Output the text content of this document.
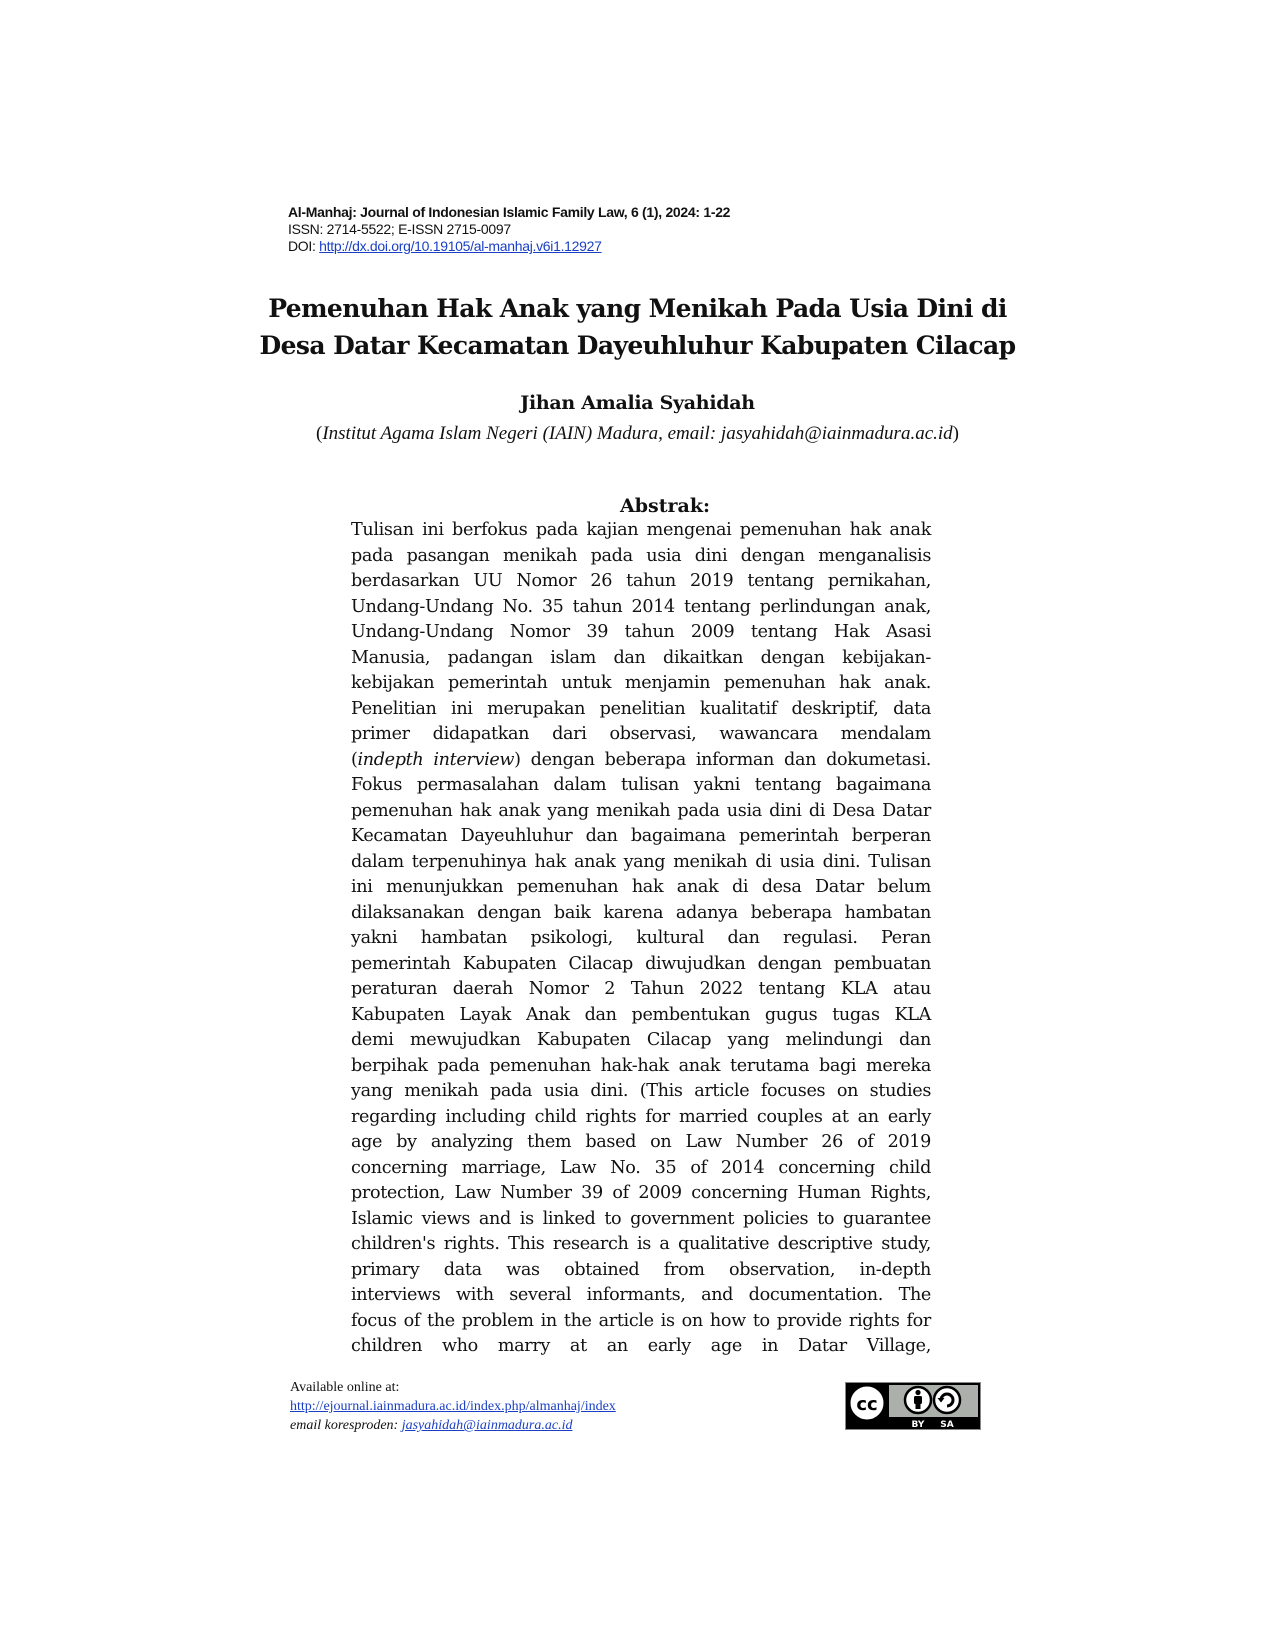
Al-Manhaj: Journal of Indonesian Islamic Family Law, 6 (1), 2024: 1-22
ISSN: 2714-5522; E-ISSN 2715-0097
DOI: http://dx.doi.org/10.19105/al-manhaj.v6i1.12927
Pemenuhan Hak Anak yang Menikah Pada Usia Dini di
Desa Datar Kecamatan Dayeuhluhur Kabupaten Cilacap
Jihan Amalia Syahidah
(Institut Agama Islam Negeri (IAIN) Madura, email: jasyahidah@iainmadura.ac.id)
Abstrak:
Tulisan ini berfokus pada kajian mengenai pemenuhan hak anak
pada pasangan menikah pada usia dini dengan menganalisis
berdasarkan UU Nomor 26 tahun 2019 tentang pernikahan,
Undang-Undang No. 35 tahun 2014 tentang perlindungan anak,
Undang-Undang Nomor 39 tahun 2009 tentang Hak Asasi
Manusia, padangan islam dan dikaitkan dengan kebijakan-
kebijakan pemerintah untuk menjamin pemenuhan hak anak.
Penelitian ini merupakan penelitian kualitatif deskriptif, data
primer didapatkan dari observasi, wawancara mendalam
(indepth interview) dengan beberapa informan dan dokumetasi.
Fokus permasalahan dalam tulisan yakni tentang bagaimana
pemenuhan hak anak yang menikah pada usia dini di Desa Datar
Kecamatan Dayeuhluhur dan bagaimana pemerintah berperan
dalam terpenuhinya hak anak yang menikah di usia dini. Tulisan
ini menunjukkan pemenuhan hak anak di desa Datar belum
dilaksanakan dengan baik karena adanya beberapa hambatan
yakni hambatan psikologi, kultural dan regulasi. Peran
pemerintah Kabupaten Cilacap diwujudkan dengan pembuatan
peraturan daerah Nomor 2 Tahun 2022 tentang KLA atau
Kabupaten Layak Anak dan pembentukan gugus tugas KLA
demi mewujudkan Kabupaten Cilacap yang melindungi dan
berpihak pada pemenuhan hak-hak anak terutama bagi mereka
yang menikah pada usia dini. (This article focuses on studies
regarding including child rights for married couples at an early
age by analyzing them based on Law Number 26 of 2019
concerning marriage, Law No. 35 of 2014 concerning child
protection, Law Number 39 of 2009 concerning Human Rights,
Islamic views and is linked to government policies to guarantee
children's rights. This research is a qualitative descriptive study,
primary data was obtained from observation, in-depth
interviews with several informants, and documentation. The
focus of the problem in the article is on how to provide rights for
children who marry at an early age in Datar Village,
Available online at:
http://ejournal.iainmadura.ac.id/index.php/almanhaj/index
email koresproden: jasyahidah@iainmadura.ac.id
cc
BY SA
